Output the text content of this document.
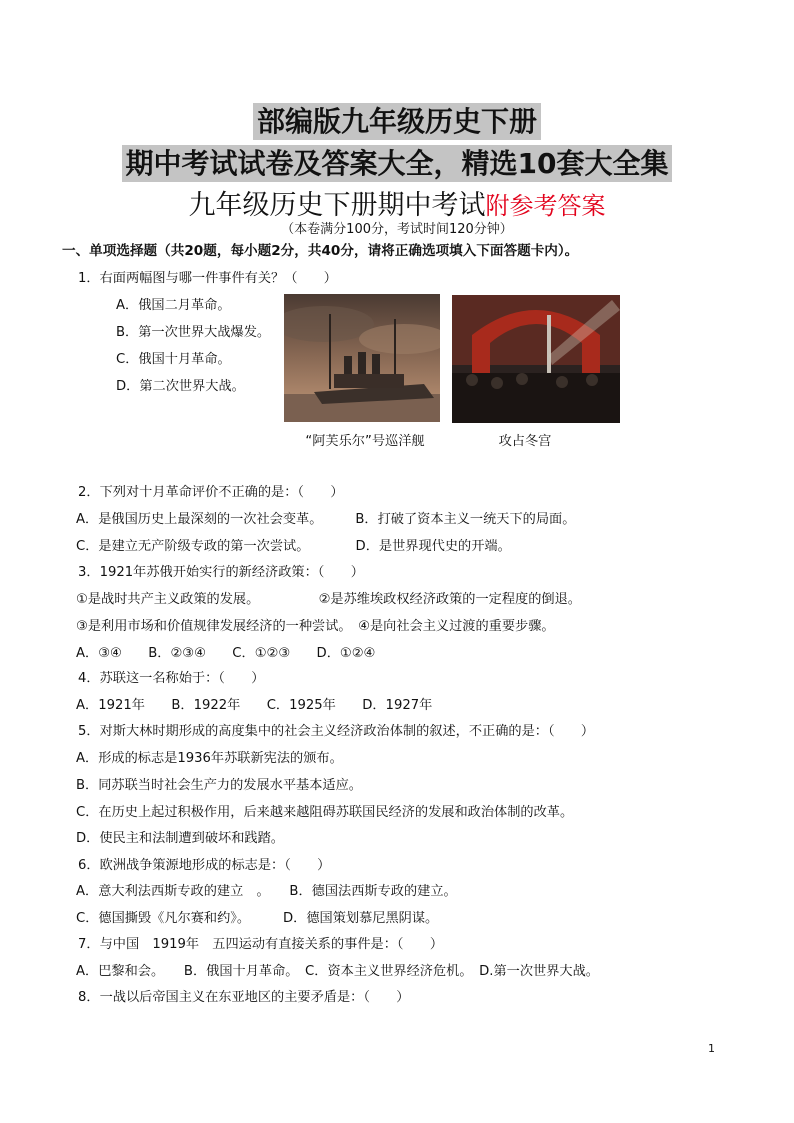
部编版九年级历史下册
期中考试试卷及答案大全，精选10套大全集
九年级历史下册期中考试附参考答案
（本卷满分100分，考试时间120分钟）
一、单项选择题（共20题，每小题2分，共40分，请将正确选项填入下面答题卡内）。
1．右面两幅图与哪一件事件有关？（　　）
A．俄国二月革命。
B．第一次世界大战爆发。
C．俄国十月革命。
D．第二次世界大战。
“阿芙乐尔”号巡洋舰	攻占冬宫
2．下列对十月革命评价不正确的是：（　　）
A．是俄国历史上最深刻的一次社会变革。　　　B．打破了资本主义一统天下的局面。
C．是建立无产阶级专政的第一次尝试。　　　　D．是世界现代史的开端。
3．1921年苏俄开始实行的新经济政策：（　　）
①是战时共产主义政策的发展。　　　　　②是苏维埃政权经济政策的一定程度的倒退。
③是利用市场和价值规律发展经济的一种尝试。　④是向社会主义过渡的重要步骤。
A．③④　　B．②③④　　C．①②③　　D．①②④
4．苏联这一名称始于：（　　）
A．1921年　　B．1922年　　C．1925年　　D．1927年
5．对斯大林时期形成的高度集中的社会主义经济政治体制的叙述，不正确的是：（　　）
A．形成的标志是1936年苏联新宪法的颁布。
B．同苏联当时社会生产力的发展水平基本适应。
C．在历史上起过积极作用，后来越来越阻碍苏联国民经济的发展和政治体制的改革。
D．使民主和法制遭到破坏和践踏。
6．欧洲战争策源地形成的标志是：（　　）
A．意大利法西斯专政的建立　。　　B．德国法西斯专政的建立。
C．德国撕毁《凡尔赛和约》。　　　D．德国策划慕尼黑阴谋。
7．与中国　1919年　五四运动有直接关系的事件是：（　　）
A．巴黎和会。　　B．俄国十月革命。　C．资本主义世界经济危机。　D.第一次世界大战。
8．一战以后帝国主义在东亚地区的主要矛盾是：（　　）
1
